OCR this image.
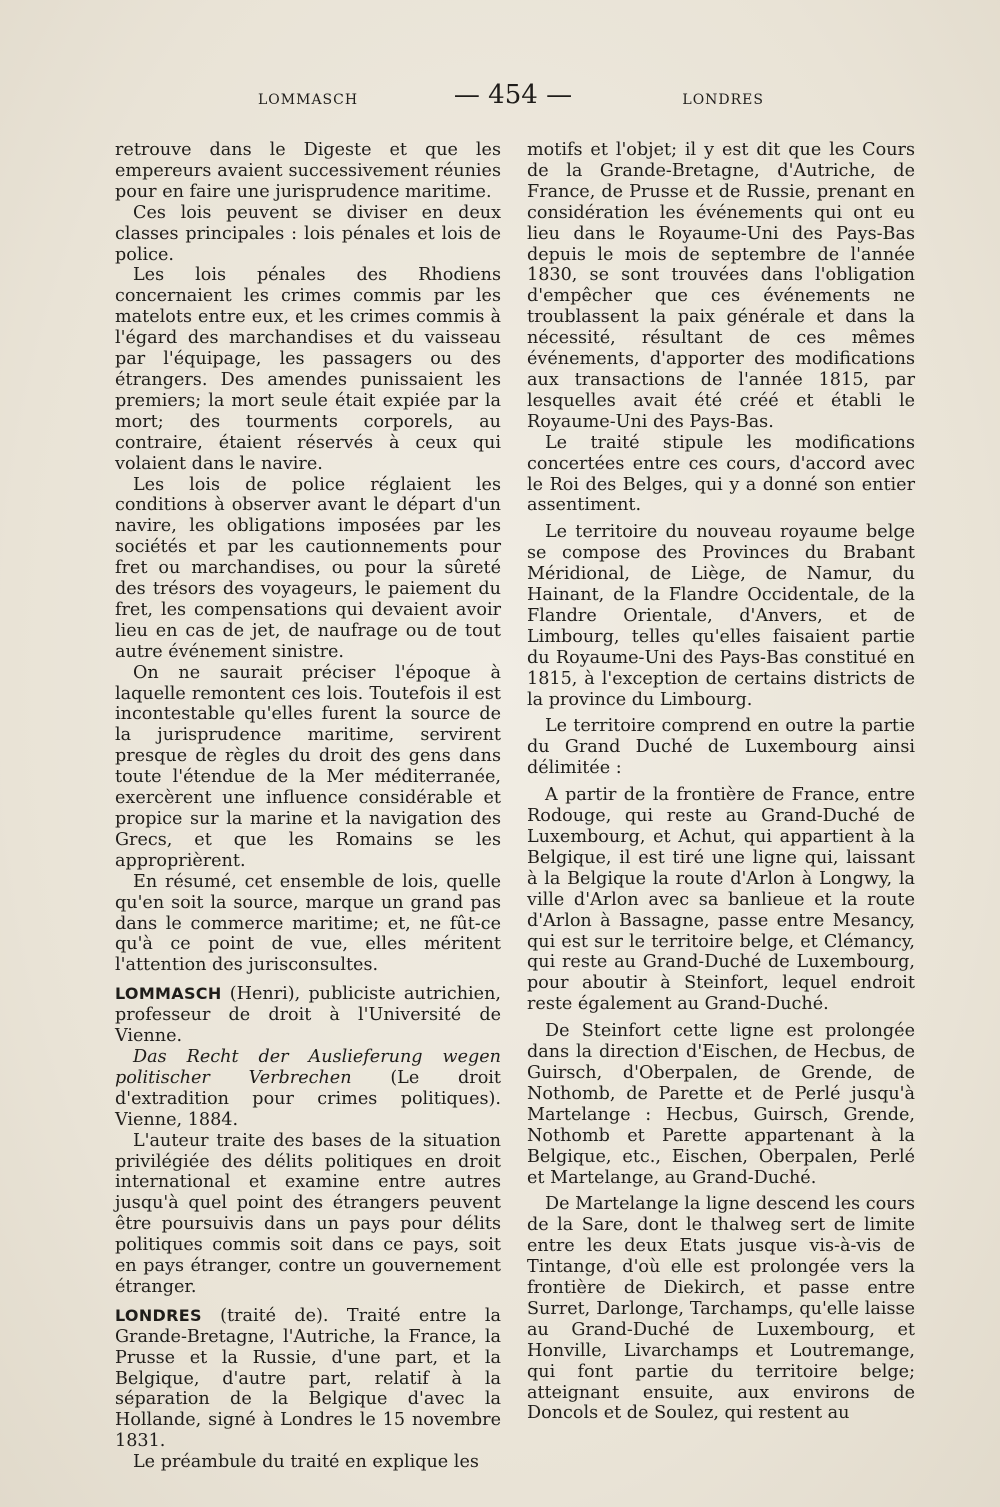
LOMMASCH	— 454 —	LONDRES

retrouve dans le Digeste et que les empereurs avaient successivement réunies pour en faire une jurisprudence maritime.

Ces lois peuvent se diviser en deux classes principales : lois pénales et lois de police.

Les lois pénales des Rhodiens concernaient les crimes commis par les matelots entre eux, et les crimes commis à l'égard des marchandises et du vaisseau par l'équipage, les passagers ou des étrangers. Des amendes punissaient les premiers; la mort seule était expiée par la mort; des tourments corporels, au contraire, étaient réservés à ceux qui volaient dans le navire.

Les lois de police réglaient les conditions à observer avant le départ d'un navire, les obligations imposées par les sociétés et par les cautionnements pour fret ou marchandises, ou pour la sûreté des trésors des voyageurs, le paiement du fret, les compensations qui devaient avoir lieu en cas de jet, de naufrage ou de tout autre événement sinistre.

On ne saurait préciser l'époque à laquelle remontent ces lois. Toutefois il est incontestable qu'elles furent la source de la jurisprudence maritime, servirent presque de règles du droit des gens dans toute l'étendue de la Mer méditerranée, exercèrent une influence considérable et propice sur la marine et la navigation des Grecs, et que les Romains se les approprièrent.

En résumé, cet ensemble de lois, quelle qu'en soit la source, marque un grand pas dans le commerce maritime; et, ne fût-ce qu'à ce point de vue, elles méritent l'attention des jurisconsultes.

LOMMASCH (Henri), publiciste autrichien, professeur de droit à l'Université de Vienne.

Das Recht der Auslieferung wegen politischer Verbrechen (Le droit d'extradition pour crimes politiques). Vienne, 1884.

L'auteur traite des bases de la situation privilégiée des délits politiques en droit international et examine entre autres jusqu'à quel point des étrangers peuvent être poursuivis dans un pays pour délits politiques commis soit dans ce pays, soit en pays étranger, contre un gouvernement étranger.

LONDRES (traité de). Traité entre la Grande-Bretagne, l'Autriche, la France, la Prusse et la Russie, d'une part, et la Belgique, d'autre part, relatif à la séparation de la Belgique d'avec la Hollande, signé à Londres le 15 novembre 1831.

Le préambule du traité en explique les

motifs et l'objet; il y est dit que les Cours de la Grande-Bretagne, d'Autriche, de France, de Prusse et de Russie, prenant en considération les événements qui ont eu lieu dans le Royaume-Uni des Pays-Bas depuis le mois de septembre de l'année 1830, se sont trouvées dans l'obligation d'empêcher que ces événements ne troublassent la paix générale et dans la nécessité, résultant de ces mêmes événements, d'apporter des modifications aux transactions de l'année 1815, par lesquelles avait été créé et établi le Royaume-Uni des Pays-Bas.

Le traité stipule les modifications concertées entre ces cours, d'accord avec le Roi des Belges, qui y a donné son entier assentiment.

Le territoire du nouveau royaume belge se compose des Provinces du Brabant Méridional, de Liège, de Namur, du Hainant, de la Flandre Occidentale, de la Flandre Orientale, d'Anvers, et de Limbourg, telles qu'elles faisaient partie du Royaume-Uni des Pays-Bas constitué en 1815, à l'exception de certains districts de la province du Limbourg.

Le territoire comprend en outre la partie du Grand Duché de Luxembourg ainsi délimitée :

A partir de la frontière de France, entre Rodouge, qui reste au Grand-Duché de Luxembourg, et Achut, qui appartient à la Belgique, il est tiré une ligne qui, laissant à la Belgique la route d'Arlon à Longwy, la ville d'Arlon avec sa banlieue et la route d'Arlon à Bassagne, passe entre Mesancy, qui est sur le territoire belge, et Clémancy, qui reste au Grand-Duché de Luxembourg, pour aboutir à Steinfort, lequel endroit reste également au Grand-Duché.

De Steinfort cette ligne est prolongée dans la direction d'Eischen, de Hecbus, de Guirsch, d'Oberpalen, de Grende, de Nothomb, de Parette et de Perlé jusqu'à Martelange : Hecbus, Guirsch, Grende, Nothomb et Parette appartenant à la Belgique, etc., Eischen, Oberpalen, Perlé et Martelange, au Grand-Duché.

De Martelange la ligne descend les cours de la Sare, dont le thalweg sert de limite entre les deux Etats jusque vis-à-vis de Tintange, d'où elle est prolongée vers la frontière de Diekirch, et passe entre Surret, Darlonge, Tarchamps, qu'elle laisse au Grand-Duché de Luxembourg, et Honville, Livarchamps et Loutremange, qui font partie du territoire belge; atteignant ensuite, aux environs de Doncols et de Soulez, qui restent au
